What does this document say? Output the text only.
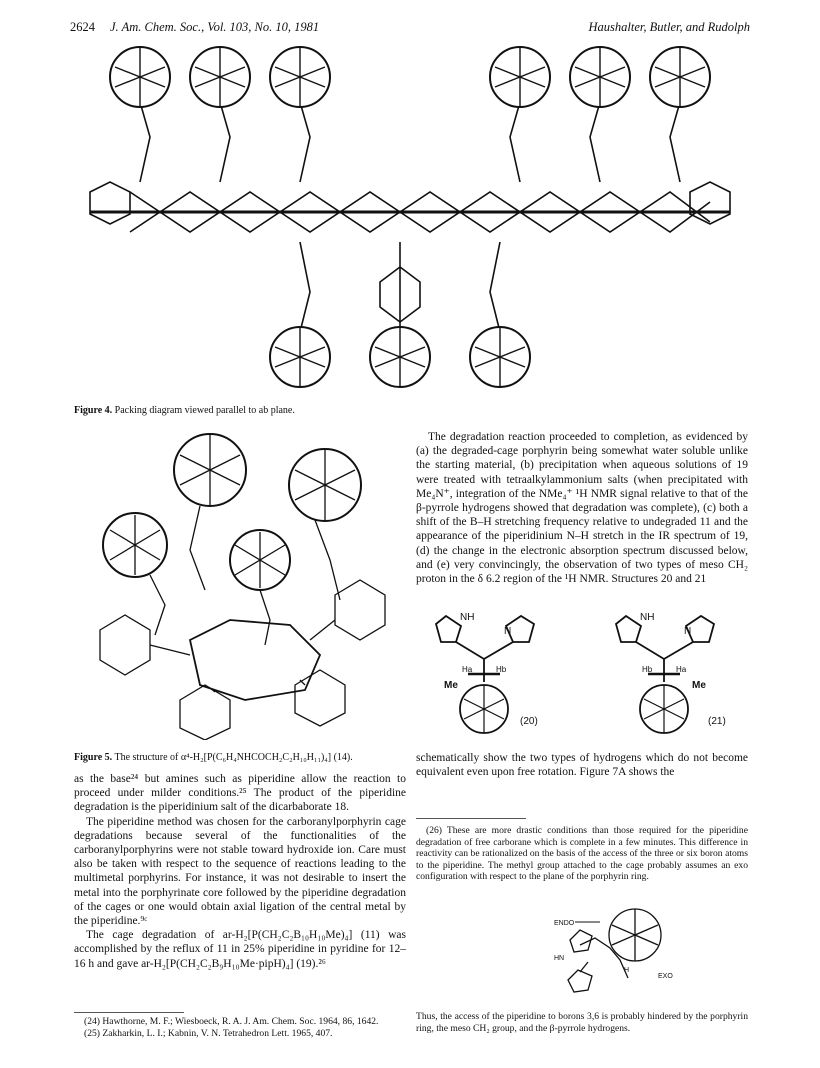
2624 J. Am. Chem. Soc., Vol. 103, No. 10, 1981	Haushalter, Butler, and Rudolph
Figure 4. Packing diagram viewed parallel to ab plane.
Figure 5. The structure of α⁴-H₂[P(C₆H₄NHCOCH₂C₂H₁₀H₁₁)₄] (14).

as the base²⁴ but amines such as piperidine allow the reaction to proceed under milder conditions.²⁵ The product of the piperidine degradation is the piperidinium salt of the dicarbaborate 18.

The piperidine method was chosen for the carboranylporphyrin cage degradations because several of the functionalities of the carboranylporphyrins were not stable toward hydroxide ion. Care must also be taken with respect to the sequence of reactions leading to the multimetal porphyrins. For instance, it was not desirable to insert the metal into the porphyrinate core followed by the piperidine degradation of the cages or one would obtain axial ligation of the central metal by the piperidine.⁹ᶜ

The cage degradation of ar-H₂[P(CH₂C₂B₁₀H₁₀Me)₄] (11) was accomplished by the reflux of 11 in 25% piperidine in pyridine for 12–16 h and gave ar-H₂[P(CH₂C₂B₉H₁₀Me·pipH)₄] (19).²⁶

(24) Hawthorne, M. F.; Wiesboeck, R. A. J. Am. Chem. Soc. 1964, 86, 1642.

(25) Zakharkin, L. I.; Kabnin, V. N. Tetrahedron Lett. 1965, 407.

The degradation reaction proceeded to completion, as evidenced by (a) the degraded-cage porphyrin being somewhat water soluble unlike the starting material, (b) precipitation when aqueous solutions of 19 were treated with tetraalkylammonium salts (when precipitated with Me₄N⁺, integration of the NMe₄⁺ ¹H NMR signal relative to that of the β-pyrrole hydrogens showed that degradation was complete), (c) both a shift of the B–H stretching frequency relative to undegraded 11 and the appearance of the piperidinium N–H stretch in the IR spectrum of 19, (d) the change in the electronic absorption spectrum discussed below, and (e) very convincingly, the observation of two types of meso CH₂ proton in the δ 6.2 region of the ¹H NMR. Structures 20 and 21

NH
N
Ha	Hb
Me
(20)
NH
N
Hb	Ha
Me
(21)

schematically show the two types of hydrogens which do not become equivalent even upon free rotation. Figure 7A shows the

(26) These are more drastic conditions than those required for the piperidine degradation of free carborane which is complete in a few minutes. This difference in reactivity can be rationalized on the basis of the access of the three or six boron atoms to the piperidine. The methyl group attached to the cage probably assumes an exo configuration with respect to the plane of the porphyrin ring.

ENDO
EXO
H
HN

Thus, the access of the piperidine to borons 3,6 is probably hindered by the porphyrin ring, the meso CH₂ group, and the β-pyrrole hydrogens.
